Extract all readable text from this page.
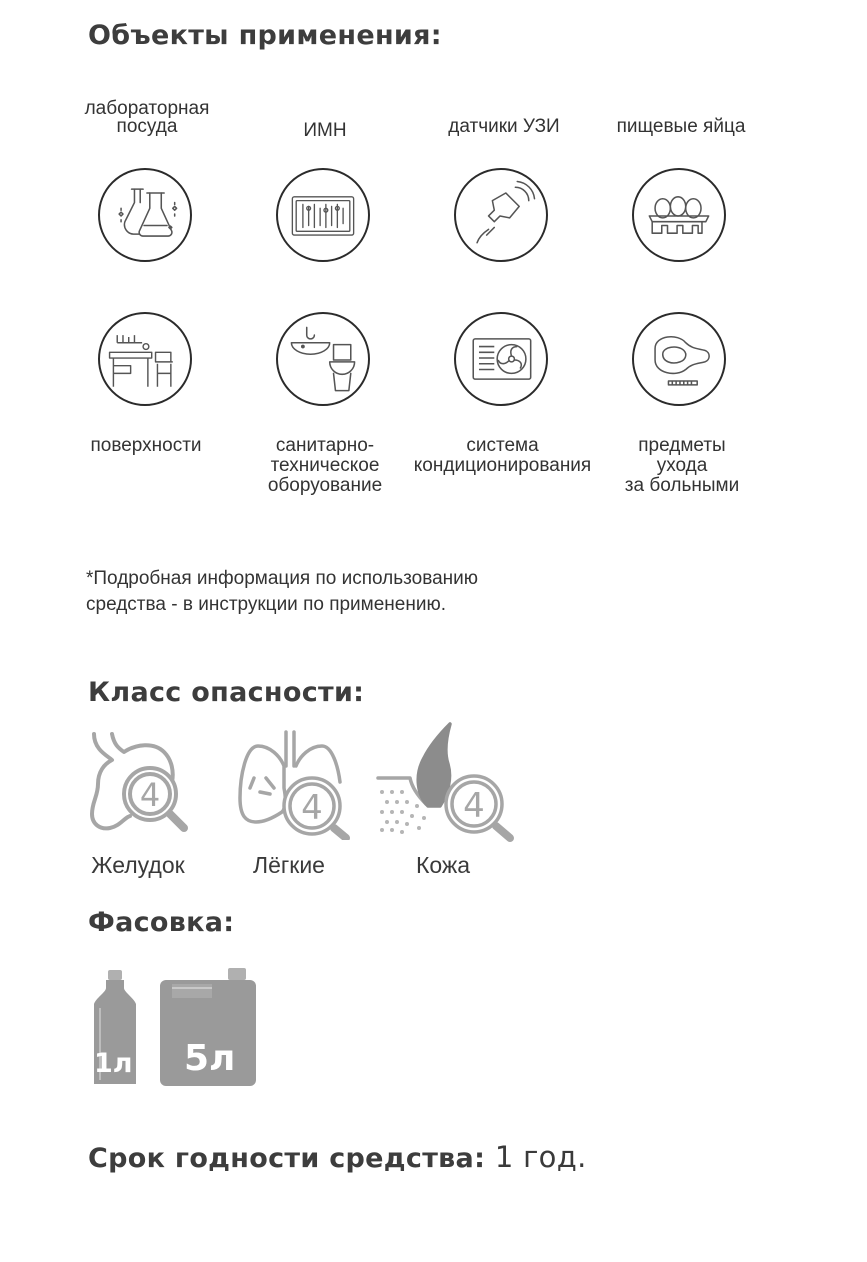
Объекты применения:
лабораторная
посуда	ИМН	датчики УЗИ	пищевые яйца
поверхности	санитарно-
техническое
оборуование
система
кондиционирования
предметы
ухода
за больными
*Подробная информация по использованию
средства - в инструкции по применению.
Класс опасности:
4	4	4
Желудок	Лёгкие	Кожа
Фасовка:
1л 5л
Срок годности средства: 1 год.
